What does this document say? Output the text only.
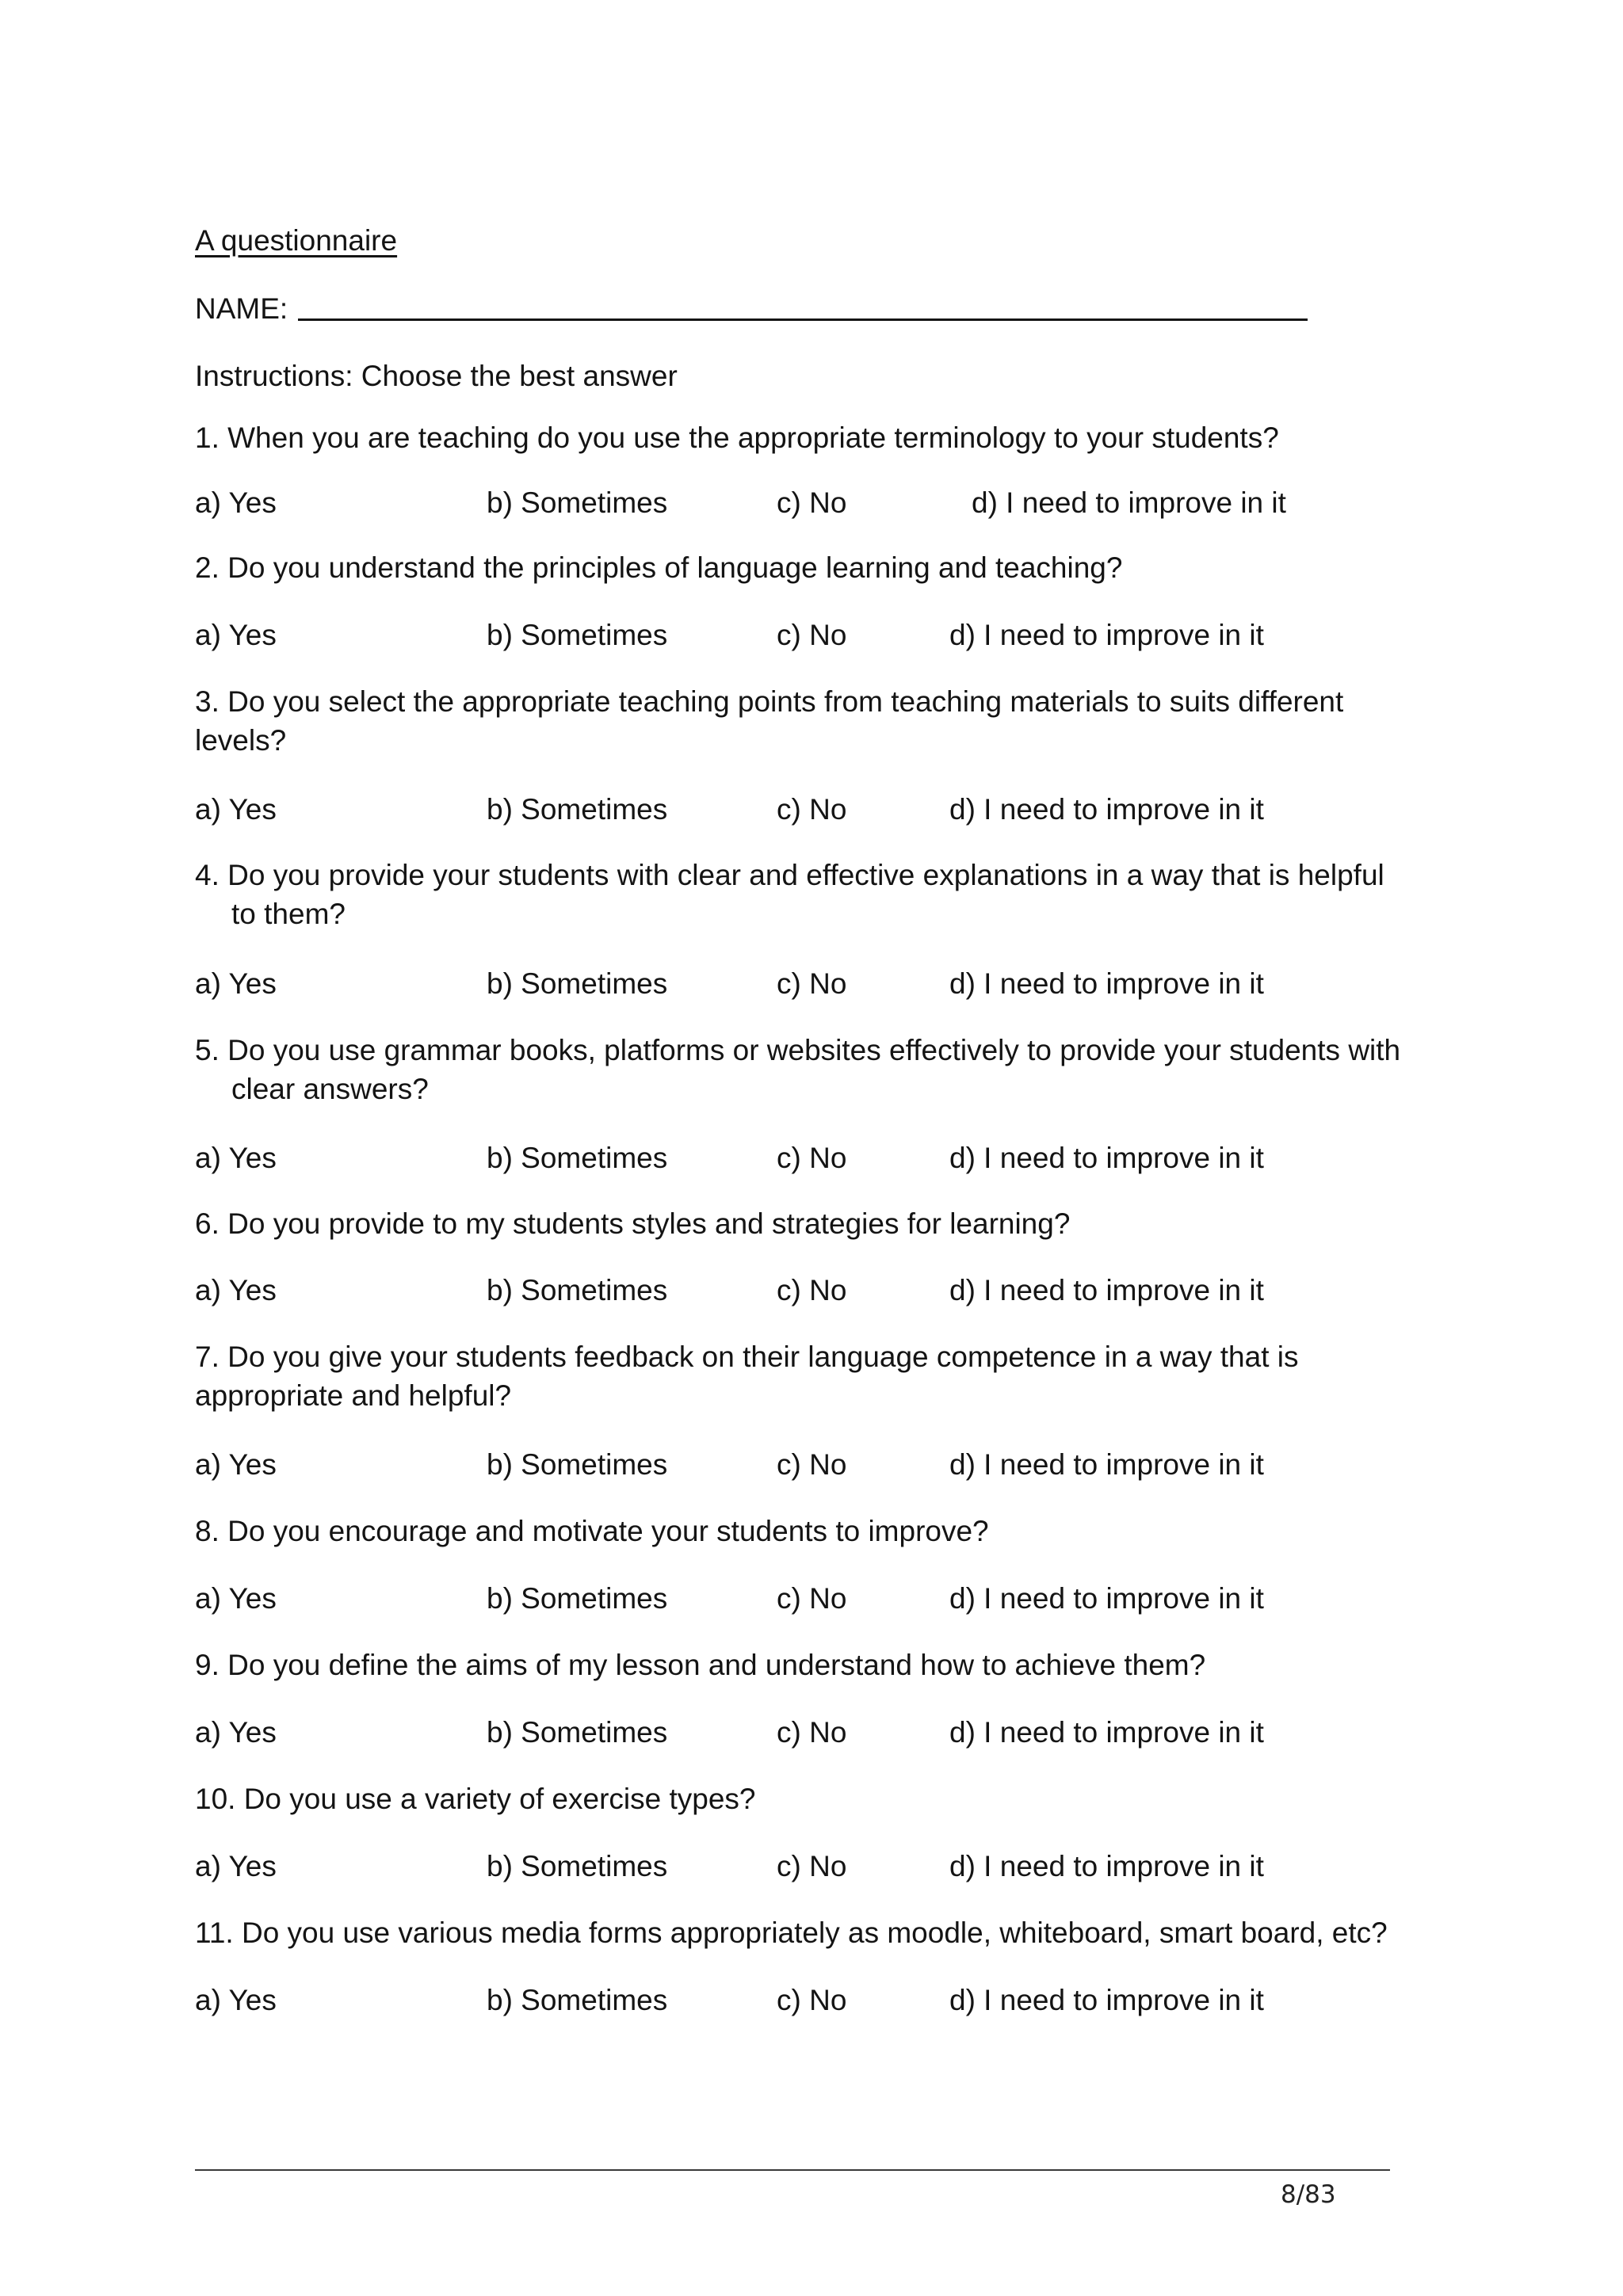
A questionnaire
NAME:
Instructions: Choose the best answer
1. When you are teaching do you use the appropriate terminology to your students?
a) Yes	b) Sometimes	c) No	d) I need to improve in it
2. Do you understand the principles of language learning and teaching?
a) Yes	b) Sometimes	c) No	d) I need to improve in it
3. Do you select the appropriate teaching points from teaching materials to suits different
levels?
a) Yes	b) Sometimes	c) No	d) I need to improve in it
4. Do you provide your students with clear and effective explanations in a way that is helpful
to them?
a) Yes	b) Sometimes	c) No	d) I need to improve in it
5. Do you use grammar books, platforms or websites effectively to provide your students with
clear answers?
a) Yes	b) Sometimes	c) No	d) I need to improve in it
6. Do you provide to my students styles and strategies for learning?
a) Yes	b) Sometimes	c) No	d) I need to improve in it
7. Do you give your students feedback on their language competence in a way that is
appropriate and helpful?
a) Yes	b) Sometimes	c) No	d) I need to improve in it
8. Do you encourage and motivate your students to improve?
a) Yes	b) Sometimes	c) No	d) I need to improve in it
9. Do you define the aims of my lesson and understand how to achieve them?
a) Yes	b) Sometimes	c) No	d) I need to improve in it
10. Do you use a variety of exercise types?
a) Yes	b) Sometimes	c) No	d) I need to improve in it
11. Do you use various media forms appropriately as moodle, whiteboard, smart board, etc?
a) Yes	b) Sometimes	c) No	d) I need to improve in it
8/83
